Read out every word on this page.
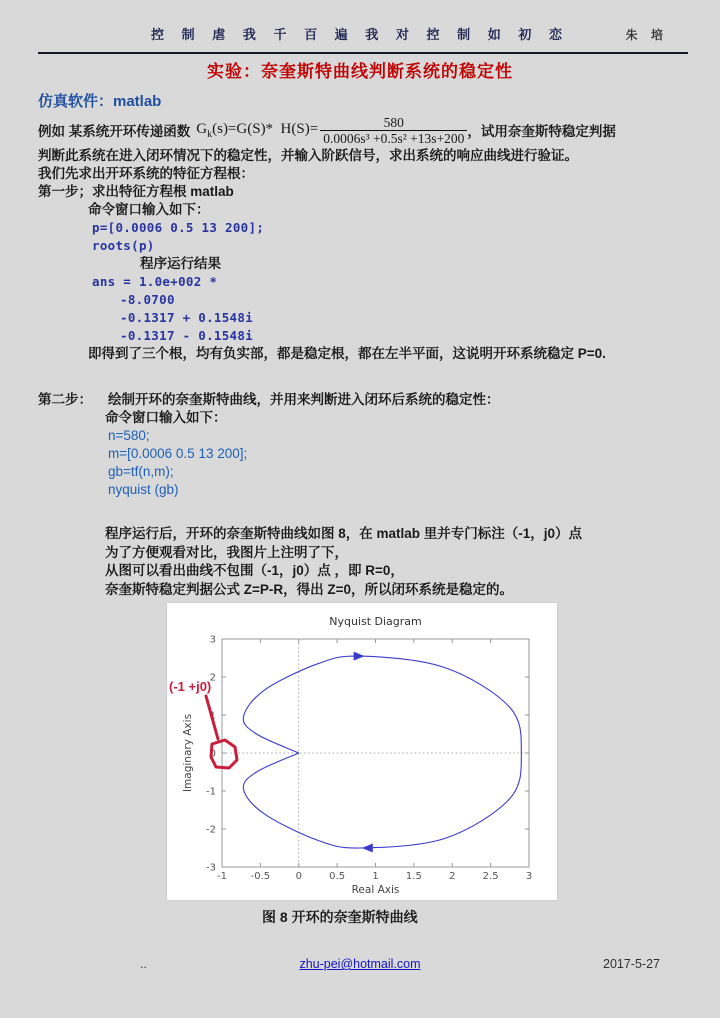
控 制 虐 我 千 百 遍 我 对 控 制 如 初 恋	朱 培
实验：奈奎斯特曲线判断系统的稳定性
仿真软件：matlab
例如 某系统开环传递函数 $G_k(s)=G(S)*$  $H(S)= \frac{580}{\text{0.0006s³ +0.5s² +13s+200}}$ ，试用奈奎斯特稳定判据
判断此系统在进入闭环情况下的稳定性，并输入阶跃信号，求出系统的响应曲线进行验证。
我们先求出开环系统的特征方程根：
第一步； 求出特征方程根 matlab
命令窗口输入如下：
p=[0.0006 0.5 13 200];
roots(p)
程序运行结果
ans = 1.0e+002 *
-8.0700
-0.1317 + 0.1548i
-0.1317 - 0.1548i
即得到了三个根，均有负实部，都是稳定根，都在左半平面，这说明开环系统稳定 P=0.
第二步： 绘制开环的奈奎斯特曲线，并用来判断进入闭环后系统的稳定性：
命令窗口输入如下：
n=580;
m=[0.0006 0.5 13 200];
gb=tf(n,m);
nyquist (gb)
程序运行后，开环的奈奎斯特曲线如图 8，在 matlab 里并专门标注（-1，j0）点
为了方便观看对比，我图片上注明了下，
从图可以看出曲线不包围（-1，j0）点 ，即 R=0，
奈奎斯特稳定判据公式 Z=P-R，得出 Z=0，所以闭环系统是稳定的。
-1 -0.5	0	0.5	1	1.5	2	2.5	3
-3
-2
-1
0
1
2
3
Nyquist Diagram
Real Axis
Imaginary Axis
(-1 +j0)
图 8 开环的奈奎斯特曲线
..	zhu-pei@hotmail.com	2017-5-27
